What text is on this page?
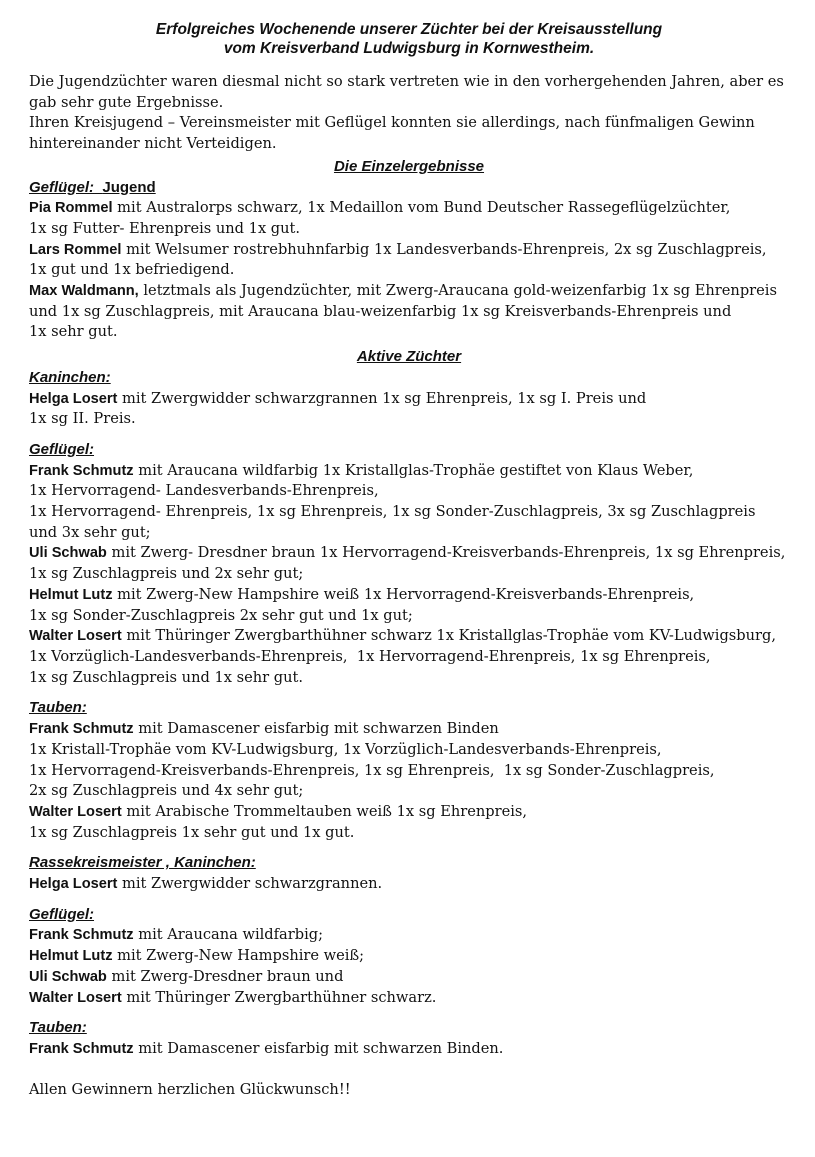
Erfolgreiches Wochenende unserer Züchter bei der Kreisausstellung
vom Kreisverband Ludwigsburg in Kornwestheim.
Die Jugendzüchter waren diesmal nicht so stark vertreten wie in den vorhergehenden Jahren, aber es
gab sehr gute Ergebnisse.
Ihren Kreisjugend – Vereinsmeister mit Geflügel konnten sie allerdings, nach fünfmaligen Gewinn
hintereinander nicht Verteidigen.
Die Einzelergebnisse
Geflügel: Jugend
Pia Rommel mit Australorps schwarz, 1x Medaillon vom Bund Deutscher Rassegeflügelzüchter,
1x sg Futter- Ehrenpreis und 1x gut.
Lars Rommel mit Welsumer rostrebhuhnfarbig 1x Landesverbands-Ehrenpreis, 2x sg Zuschlagpreis,
1x gut und 1x befriedigend.
Max Waldmann, letztmals als Jugendzüchter, mit Zwerg-Araucana gold-weizenfarbig 1x sg Ehrenpreis
und 1x sg Zuschlagpreis, mit Araucana blau-weizenfarbig 1x sg Kreisverbands-Ehrenpreis und
1x sehr gut.
Aktive Züchter
Kaninchen:
Helga Losert mit Zwergwidder schwarzgrannen 1x sg Ehrenpreis, 1x sg I. Preis und
1x sg II. Preis.
Geflügel:
Frank Schmutz mit Araucana wildfarbig 1x Kristallglas-Trophäe gestiftet von Klaus Weber,
1x Hervorragend- Landesverbands-Ehrenpreis,
1x Hervorragend- Ehrenpreis, 1x sg Ehrenpreis, 1x sg Sonder-Zuschlagpreis, 3x sg Zuschlagpreis
und 3x sehr gut;
Uli Schwab mit Zwerg- Dresdner braun 1x Hervorragend-Kreisverbands-Ehrenpreis, 1x sg Ehrenpreis,
1x sg Zuschlagpreis und 2x sehr gut;
Helmut Lutz mit Zwerg-New Hampshire weiß 1x Hervorragend-Kreisverbands-Ehrenpreis,
1x sg Sonder-Zuschlagpreis 2x sehr gut und 1x gut;
Walter Losert mit Thüringer Zwergbarthühner schwarz 1x Kristallglas-Trophäe vom KV-Ludwigsburg,
1x Vorzüglich-Landesverbands-Ehrenpreis,  1x Hervorragend-Ehrenpreis, 1x sg Ehrenpreis,
1x sg Zuschlagpreis und 1x sehr gut.
Tauben:
Frank Schmutz mit Damascener eisfarbig mit schwarzen Binden
1x Kristall-Trophäe vom KV-Ludwigsburg, 1x Vorzüglich-Landesverbands-Ehrenpreis,
1x Hervorragend-Kreisverbands-Ehrenpreis, 1x sg Ehrenpreis,  1x sg Sonder-Zuschlagpreis,
2x sg Zuschlagpreis und 4x sehr gut;
Walter Losert mit Arabische Trommeltauben weiß 1x sg Ehrenpreis,
1x sg Zuschlagpreis 1x sehr gut und 1x gut.
Rassekreismeister , Kaninchen:
Helga Losert mit Zwergwidder schwarzgrannen.
Geflügel:
Frank Schmutz mit Araucana wildfarbig;
Helmut Lutz mit Zwerg-New Hampshire weiß;
Uli Schwab mit Zwerg-Dresdner braun und
Walter Losert mit Thüringer Zwergbarthühner schwarz.
Tauben:
Frank Schmutz mit Damascener eisfarbig mit schwarzen Binden.
Allen Gewinnern herzlichen Glückwunsch!!
